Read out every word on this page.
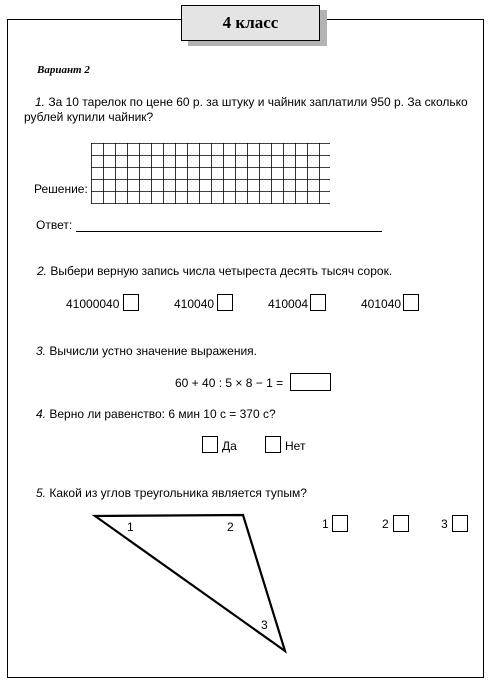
4 класс
Вариант 2
1. За 10 тарелок по цене 60 р. за штуку и чайник заплатили 950 р. За сколько
рублей купили чайник?
Решение:
Ответ:
2. Выбери верную запись числа четыреста десять тысяч сорок.
41000040	410040	410004	401040
3. Вычисли устно значение выражения.
60 + 40 : 5 × 8 − 1 =
4. Верно ли равенство: 6 мин 10 с = 370 с?
Да	Нет
5. Какой из углов треугольника является тупым?
1	2
3
1	2	3
